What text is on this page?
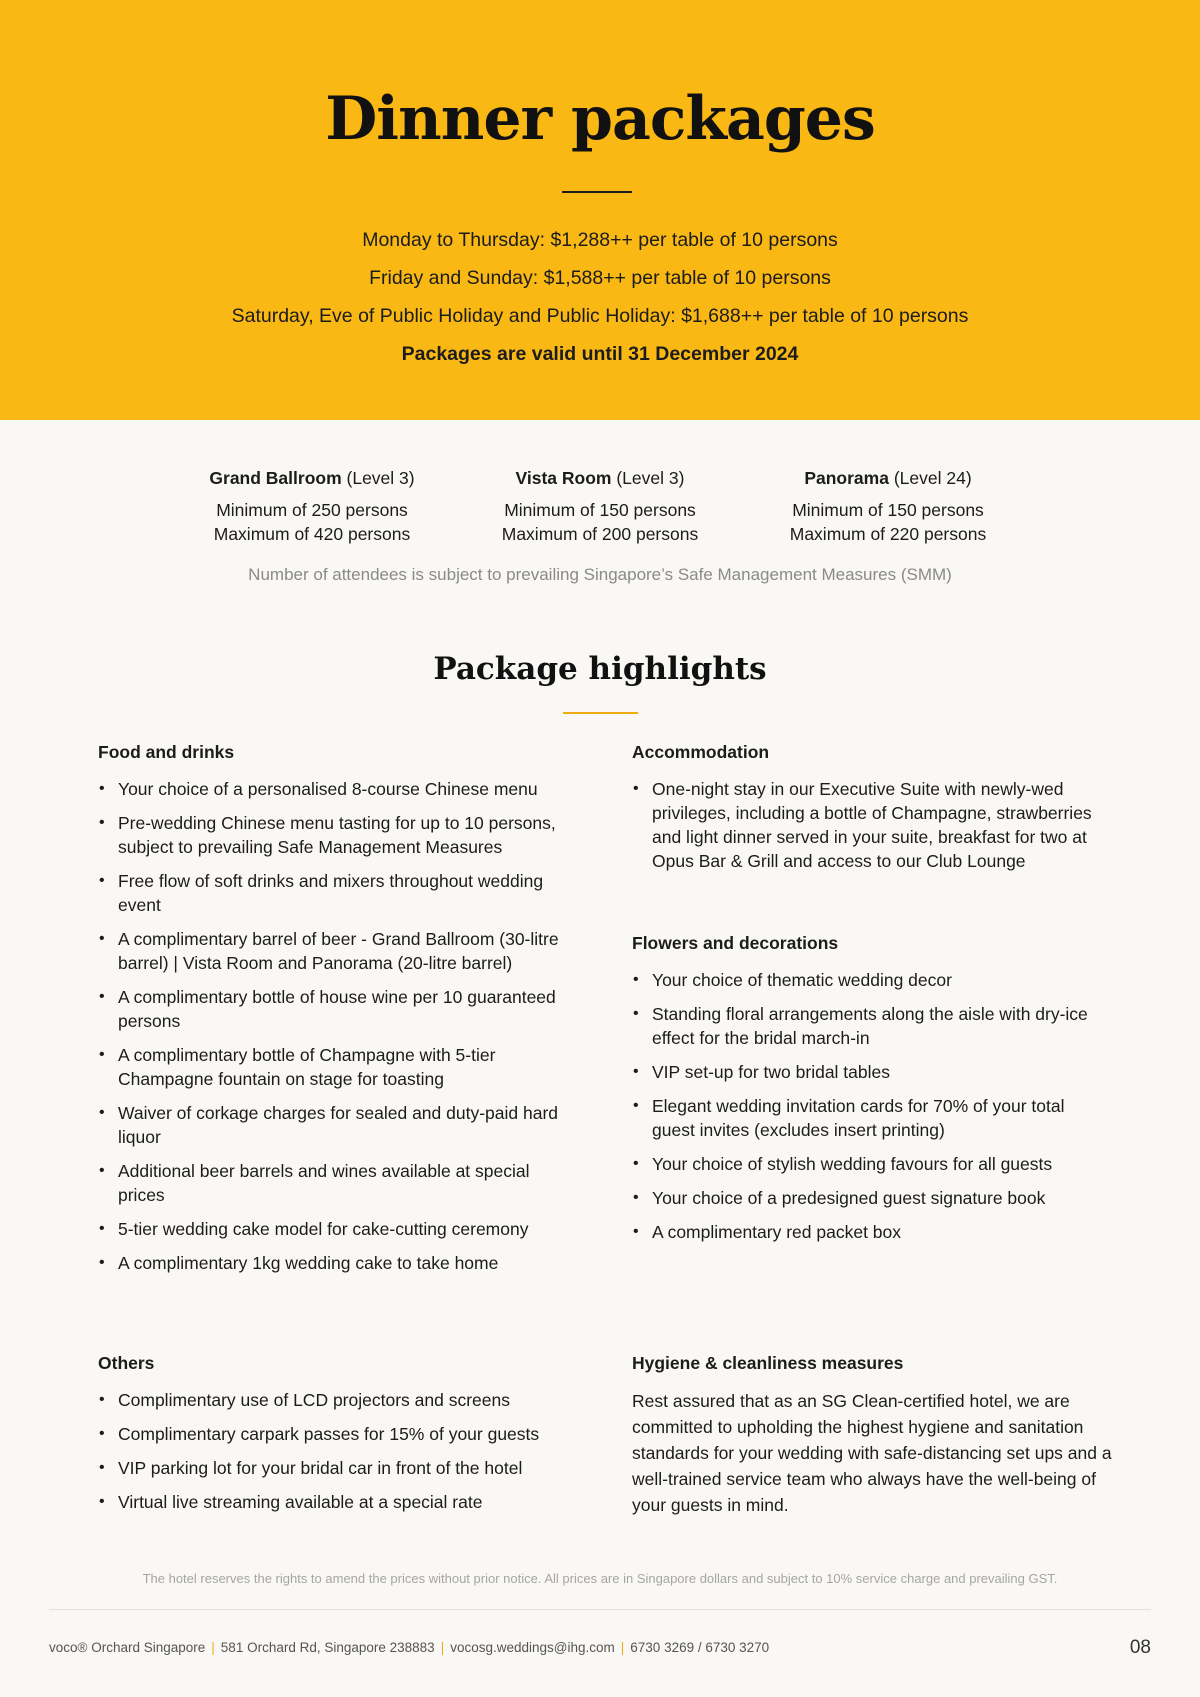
Dinner packages
Monday to Thursday: $1,288++ per table of 10 persons
Friday and Sunday: $1,588++ per table of 10 persons
Saturday, Eve of Public Holiday and Public Holiday: $1,688++ per table of 10 persons
Packages are valid until 31 December 2024
Grand Ballroom (Level 3)
Minimum of 250 persons
Maximum of 420 persons
Vista Room (Level 3)
Minimum of 150 persons
Maximum of 200 persons
Panorama (Level 24)
Minimum of 150 persons
Maximum of 220 persons
Number of attendees is subject to prevailing Singapore’s Safe Management Measures (SMM)
Package highlights
Food and drinks
• Your choice of a personalised 8-course Chinese menu
• Pre-wedding Chinese menu tasting for up to 10 persons, subject to prevailing Safe Management Measures
• Free flow of soft drinks and mixers throughout wedding event
• A complimentary barrel of beer - Grand Ballroom (30-litre barrel) | Vista Room and Panorama (20-litre barrel)
• A complimentary bottle of house wine per 10 guaranteed persons
• A complimentary bottle of Champagne with 5-tier Champagne fountain on stage for toasting
• Waiver of corkage charges for sealed and duty-paid hard liquor
• Additional beer barrels and wines available at special prices
• 5-tier wedding cake model for cake-cutting ceremony
• A complimentary 1kg wedding cake to take home
Accommodation
• One-night stay in our Executive Suite with newly-wed privileges, including a bottle of Champagne, strawberries and light dinner served in your suite, breakfast for two at Opus Bar & Grill and access to our Club Lounge
Flowers and decorations
• Your choice of thematic wedding decor
• Standing floral arrangements along the aisle with dry-ice effect for the bridal march-in
• VIP set-up for two bridal tables
• Elegant wedding invitation cards for 70% of your total guest invites (excludes insert printing)
• Your choice of stylish wedding favours for all guests
• Your choice of a predesigned guest signature book
• A complimentary red packet box
Others
• Complimentary use of LCD projectors and screens
• Complimentary carpark passes for 15% of your guests
• VIP parking lot for your bridal car in front of the hotel
• Virtual live streaming available at a special rate
Hygiene & cleanliness measures

Rest assured that as an SG Clean-certified hotel, we are committed to upholding the highest hygiene and sanitation standards for your wedding with safe-distancing set ups and a well-trained service team who always have the well-being of your guests in mind.

The hotel reserves the rights to amend the prices without prior notice. All prices are in Singapore dollars and subject to 10% service charge and prevailing GST.
voco® Orchard Singapore | 581 Orchard Rd, Singapore 238883 | vocosg.weddings@ihg.com | 6730 3269 / 6730 3270	08
